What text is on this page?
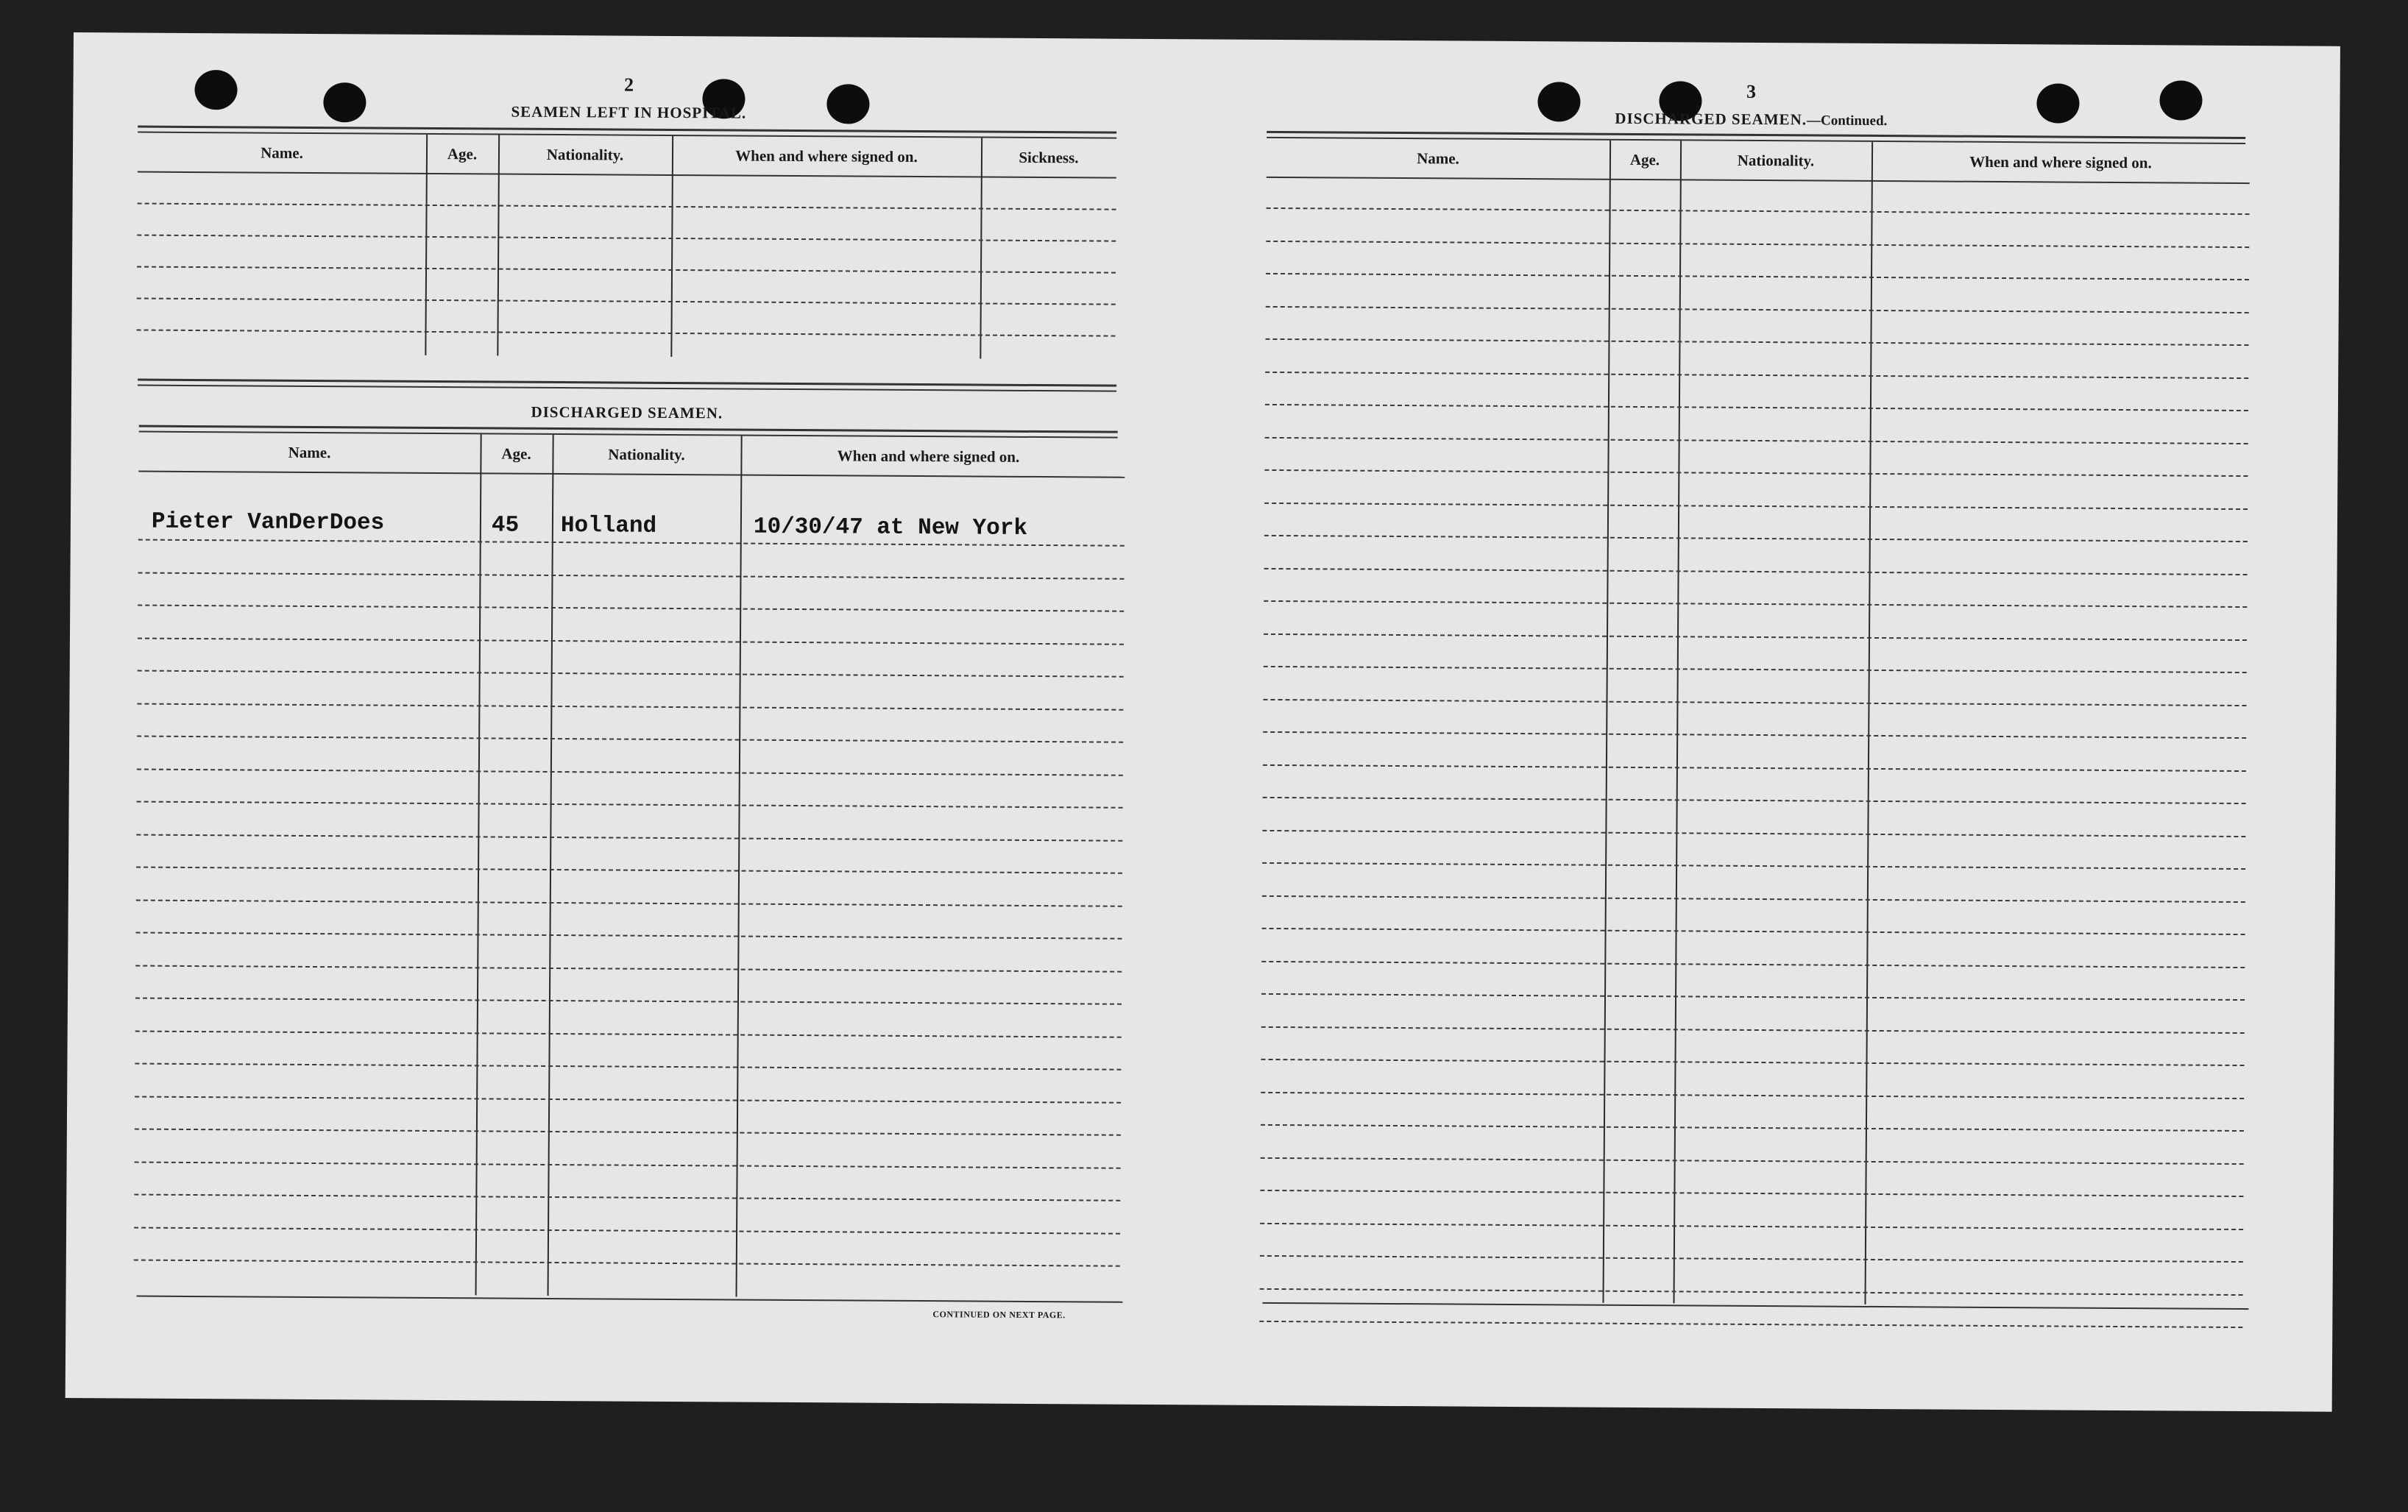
2
SEAMEN LEFT IN HOSPITAL.
Name.	Age.	Nationality.	When and where signed on.	Sickness.
DISCHARGED SEAMEN.
Name.	Age.	Nationality.	When and where signed on.
Pieter VanDerDoes	45 Holland	10/30/47 at New York
CONTINUED ON NEXT PAGE.
3
DISCHARGED SEAMEN.—Continued.
Name.	Age.	Nationality.	When and where signed on.
